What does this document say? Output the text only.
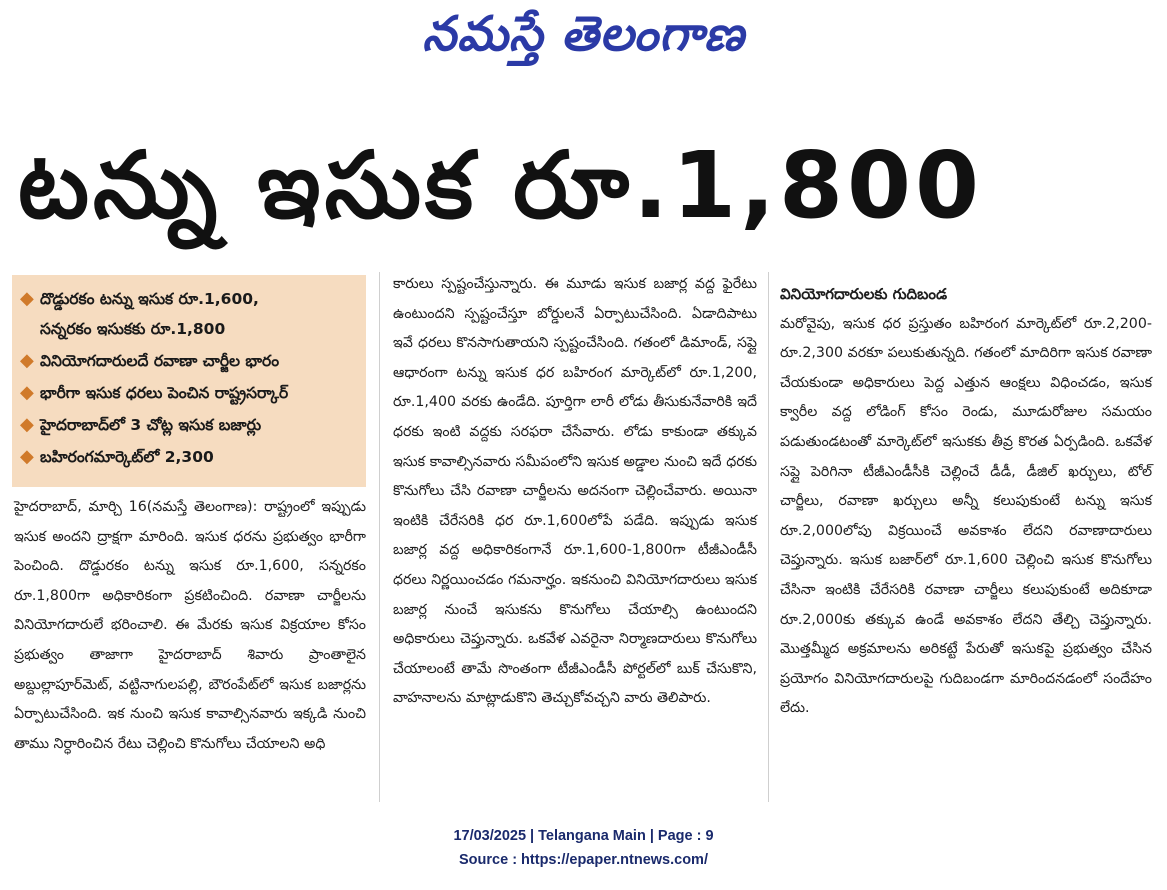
నమస్తే తెలంగాణ
టన్ను ఇసుక రూ.1,800
◆ దొడ్డురకం టన్ను ఇసుక రూ.1,600,
సన్నరకం ఇసుకకు రూ.1,800
◆ వినియోగదారులదే రవాణా చార్జీల భారం
◆ భారీగా ఇసుక ధరలు పెంచిన రాష్ట్రసర్కార్
◆ హైదరాబాద్‌లో 3 చోట్ల ఇసుక బజార్లు
◆ బహిరంగమార్కెట్‌లో 2,300

హైదరాబాద్, మార్చి 16(నమస్తే తెలంగాణ): రాష్ట్రంలో ఇప్పుడు ఇసుక అందని ద్రాక్షగా మారింది. ఇసుక ధరను ప్రభుత్వం భారీగా పెంచింది. దొడ్డురకం టన్ను ఇసుక రూ.1,600, సన్నరకం రూ.1,800గా అధికారికంగా ప్రకటించింది. రవాణా చార్జీలను వినియోగదారులే భరించాలి. ఈ మేరకు ఇసుక విక్రయాల కోసం ప్రభుత్వం తాజాగా హైదరాబాద్ శివారు ప్రాంతాలైన అబ్దుల్లాపూర్‌మెట్, వట్టినాగులపల్లి, బౌరంపేట్‌లో ఇసుక బజార్లను ఏర్పాటుచేసింది. ఇక నుంచి ఇసుక కావాల్సినవారు ఇక్కడి నుంచి తాము నిర్ధారించిన రేటు చెల్లించి కొనుగోలు చేయాలని అధి

కారులు స్పష్టంచేస్తున్నారు. ఈ మూడు ఇసుక బజార్ల వద్ద ఫైరేటు ఉంటుందని స్పష్టంచేస్తూ బోర్డులనే ఏర్పాటుచేసింది. ఏడాదిపాటు ఇవే ధరలు కొనసాగుతాయని స్పష్టంచేసింది. గతంలో డిమాండ్, సప్లై ఆధారంగా టన్ను ఇసుక ధర బహిరంగ మార్కెట్‌లో రూ.1,200, రూ.1,400 వరకు ఉండేది. పూర్తిగా లారీ లోడు తీసుకునేవారికి ఇదే ధరకు ఇంటి వద్దకు సరఫరా చేసేవారు. లోడు కాకుండా తక్కువ ఇసుక కావాల్సినవారు సమీపంలోని ఇసుక అడ్డాల నుంచి ఇదే ధరకు కొనుగోలు చేసి రవాణా చార్జీలను అదనంగా చెల్లించేవారు. అయినా ఇంటికి చేరేసరికి ధర రూ.1,600లోపే పడేది. ఇప్పుడు ఇసుక బజార్ల వద్ద అధికారికంగానే రూ.1,600-1,800గా టీజీఎండీసీ ధరలు నిర్ణయించడం గమనార్హం. ఇకనుంచి వినియోగదారులు ఇసుక బజార్ల నుంచే ఇసుకను కొనుగోలు చేయాల్సి ఉంటుందని అధికారులు చెప్తున్నారు. ఒకవేళ ఎవరైనా నిర్మాణదారులు కొనుగోలు చేయాలంటే తామే సొంతంగా టీజీఎండీసీ పోర్టల్‌లో బుక్ చేసుకొని, వాహనాలను మాట్లాడుకొని తెచ్చుకోవచ్చని వారు తెలిపారు.

వినియోగదారులకు గుదిబండ

మరోవైపు, ఇసుక ధర ప్రస్తుతం బహిరంగ మార్కెట్‌లో రూ.2,200-రూ.2,300 వరకూ పలుకుతున్నది. గతంలో మాదిరిగా ఇసుక రవాణా చేయకుండా అధికారులు పెద్ద ఎత్తున ఆంక్షలు విధించడం, ఇసుక క్వారీల వద్ద లోడింగ్ కోసం రెండు, మూడురోజుల సమయం పడుతుండటంతో మార్కెట్‌లో ఇసుకకు తీవ్ర కొరత ఏర్పడింది. ఒకవేళ సప్లై పెరిగినా టీజీఎండీసీకి చెల్లించే డీడీ, డీజిల్ ఖర్చులు, టోల్ చార్జీలు, రవాణా ఖర్చులు అన్నీ కలుపుకుంటే టన్ను ఇసుక రూ.2,000లోపు విక్రయించే అవకాశం లేదని రవాణాదారులు చెప్తున్నారు. ఇసుక బజార్‌లో రూ.1,600 చెల్లించి ఇసుక కొనుగోలు చేసినా ఇంటికి చేరేసరికి రవాణా చార్జీలు కలుపుకుంటే అదికూడా రూ.2,000కు తక్కువ ఉండే అవకాశం లేదని తేల్చి చెప్తున్నారు. మొత్తమ్మీద అక్రమాలను అరికట్టే పేరుతో ఇసుకపై ప్రభుత్వం చేసిన ప్రయోగం వినియోగదారులపై గుదిబండగా మారిందనడంలో సందేహం లేదు.

17/03/2025 | Telangana Main | Page : 9
Source : https://epaper.ntnews.com/
